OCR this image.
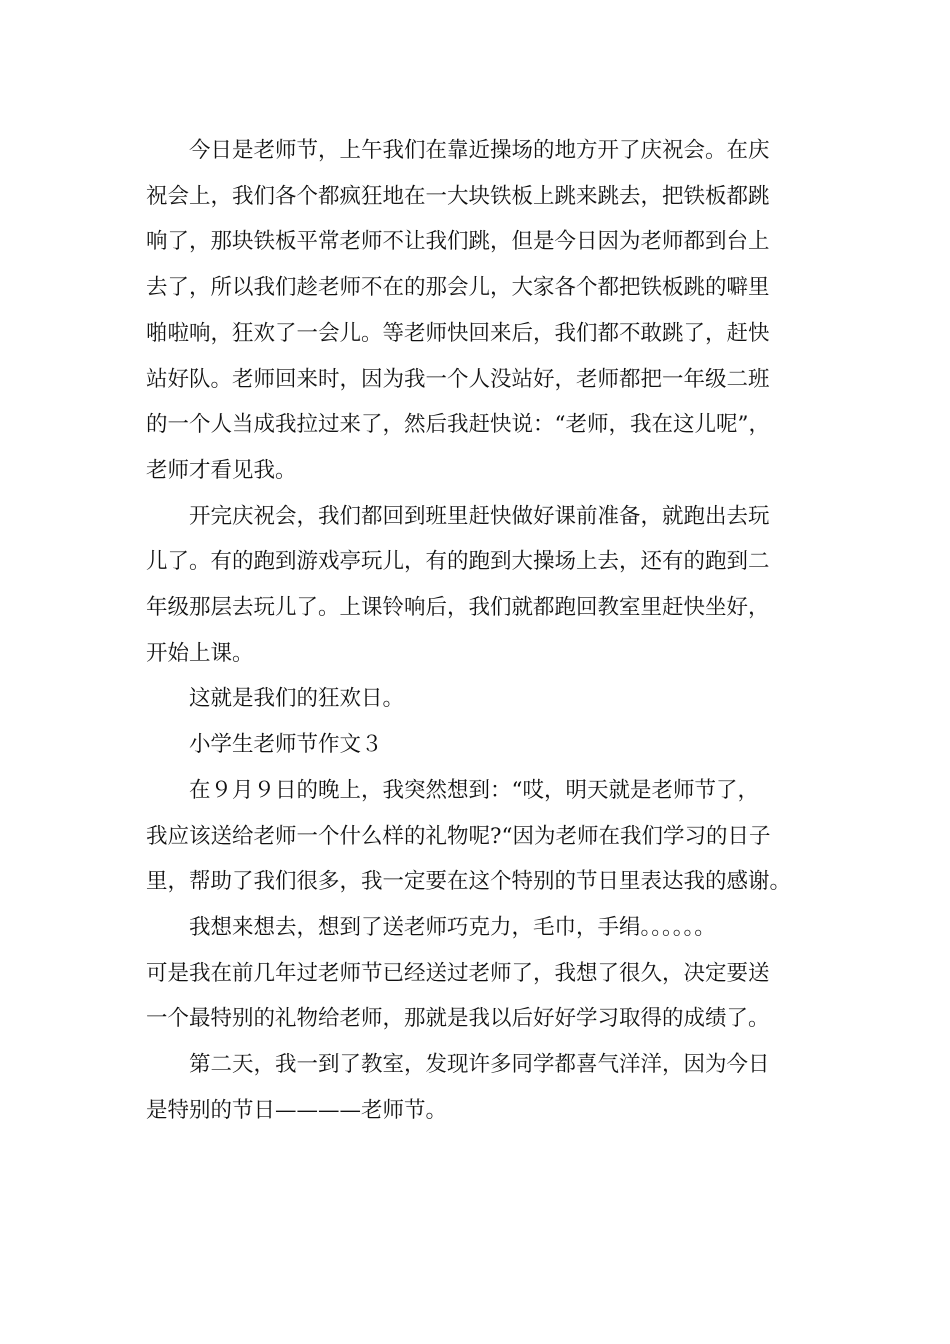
今日是老师节，上午我们在靠近操场的地方开了庆祝会。在庆
祝会上，我们各个都疯狂地在一大块铁板上跳来跳去，把铁板都跳
响了，那块铁板平常老师不让我们跳，但是今日因为老师都到台上
去了，所以我们趁老师不在的那会儿，大家各个都把铁板跳的噼里
啪啦响，狂欢了一会儿。等老师快回来后，我们都不敢跳了，赶快
站好队。老师回来时，因为我一个人没站好，老师都把一年级二班
的一个人当成我拉过来了，然后我赶快说：“老师，我在这儿呢”，
老师才看见我。

开完庆祝会，我们都回到班里赶快做好课前准备，就跑出去玩
儿了。有的跑到游戏亭玩儿，有的跑到大操场上去，还有的跑到二
年级那层去玩儿了。上课铃响后，我们就都跑回教室里赶快坐好，
开始上课。

这就是我们的狂欢日。

小学生老师节作文３

在９月９日的晚上，我突然想到：“哎，明天就是老师节了，
我应该送给老师一个什么样的礼物呢?“因为老师在我们学习的日子
里，帮助了我们很多，我一定要在这个特别的节日里表达我的感谢。

我想来想去，想到了送老师巧克力，毛巾，手绢。。。。。。
可是我在前几年过老师节已经送过老师了，我想了很久，决定要送
一个最特别的礼物给老师，那就是我以后好好学习取得的成绩了。

第二天，我一到了教室，发现许多同学都喜气洋洋，因为今日
是特别的节日————老师节。
